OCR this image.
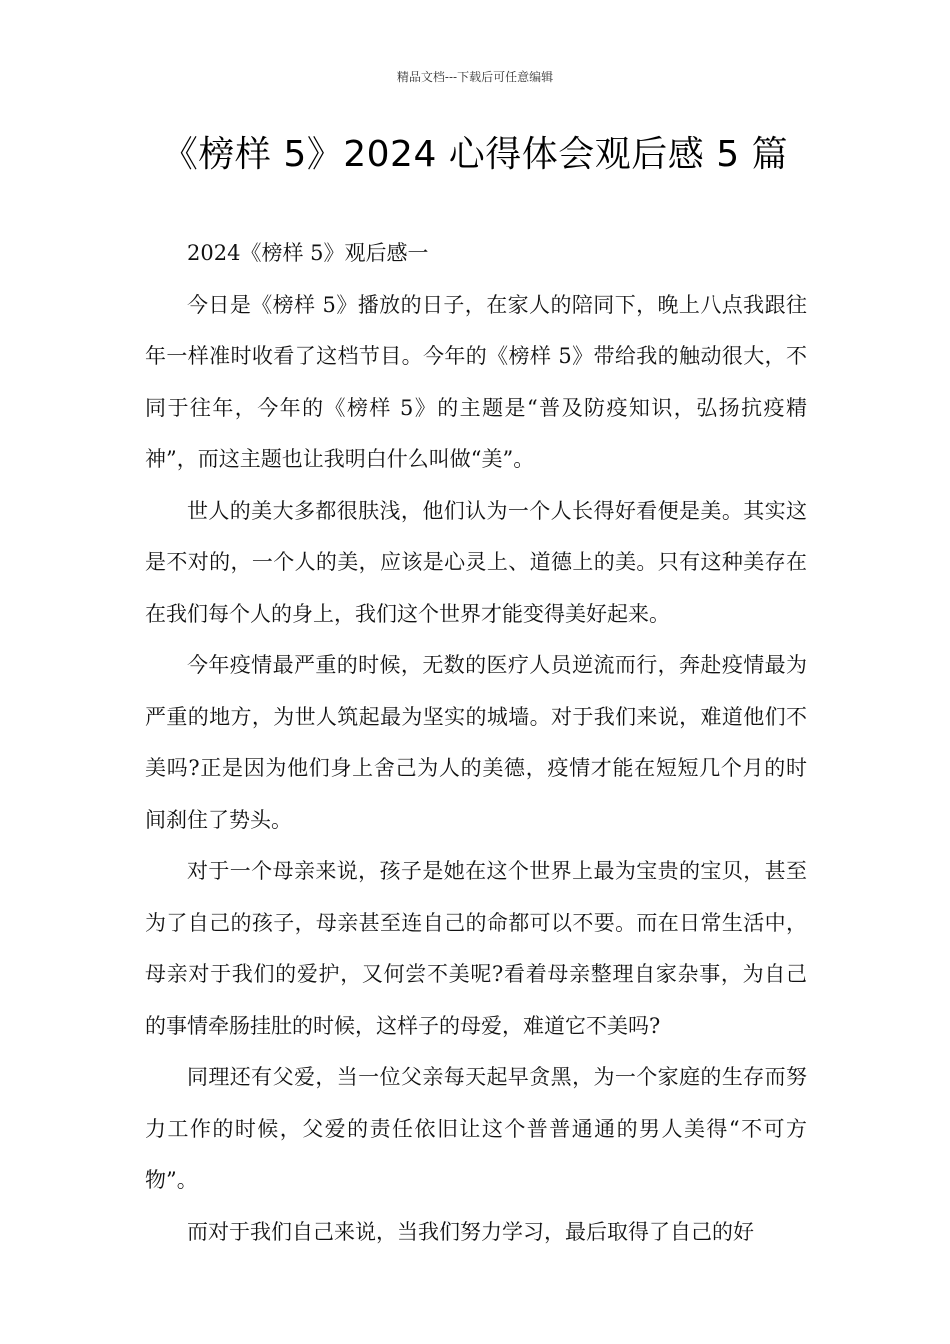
精品文档---下载后可任意编辑
《榜样 5》2024 心得体会观后感 5 篇

2024《榜样 5》观后感一

今日是《榜样 5》播放的日子，在家人的陪同下，晚上八点我跟往年一样准时收看了这档节目。今年的《榜样 5》带给我的触动很大，不同于往年，今年的《榜样 5》的主题是“普及防疫知识，弘扬抗疫精神”，而这主题也让我明白什么叫做“美”。

世人的美大多都很肤浅，他们认为一个人长得好看便是美。其实这是不对的，一个人的美，应该是心灵上、道德上的美。只有这种美存在在我们每个人的身上，我们这个世界才能变得美好起来。

今年疫情最严重的时候，无数的医疗人员逆流而行，奔赴疫情最为严重的地方，为世人筑起最为坚实的城墙。对于我们来说，难道他们不美吗?正是因为他们身上舍己为人的美德，疫情才能在短短几个月的时间刹住了势头。

对于一个母亲来说，孩子是她在这个世界上最为宝贵的宝贝，甚至为了自己的孩子，母亲甚至连自己的命都可以不要。而在日常生活中，母亲对于我们的爱护，又何尝不美呢?看着母亲整理自家杂事，为自己的事情牵肠挂肚的时候，这样子的母爱，难道它不美吗?

同理还有父爱，当一位父亲每天起早贪黑，为一个家庭的生存而努力工作的时候，父爱的责任依旧让这个普普通通的男人美得“不可方物”。

而对于我们自己来说，当我们努力学习，最后取得了自己的好
